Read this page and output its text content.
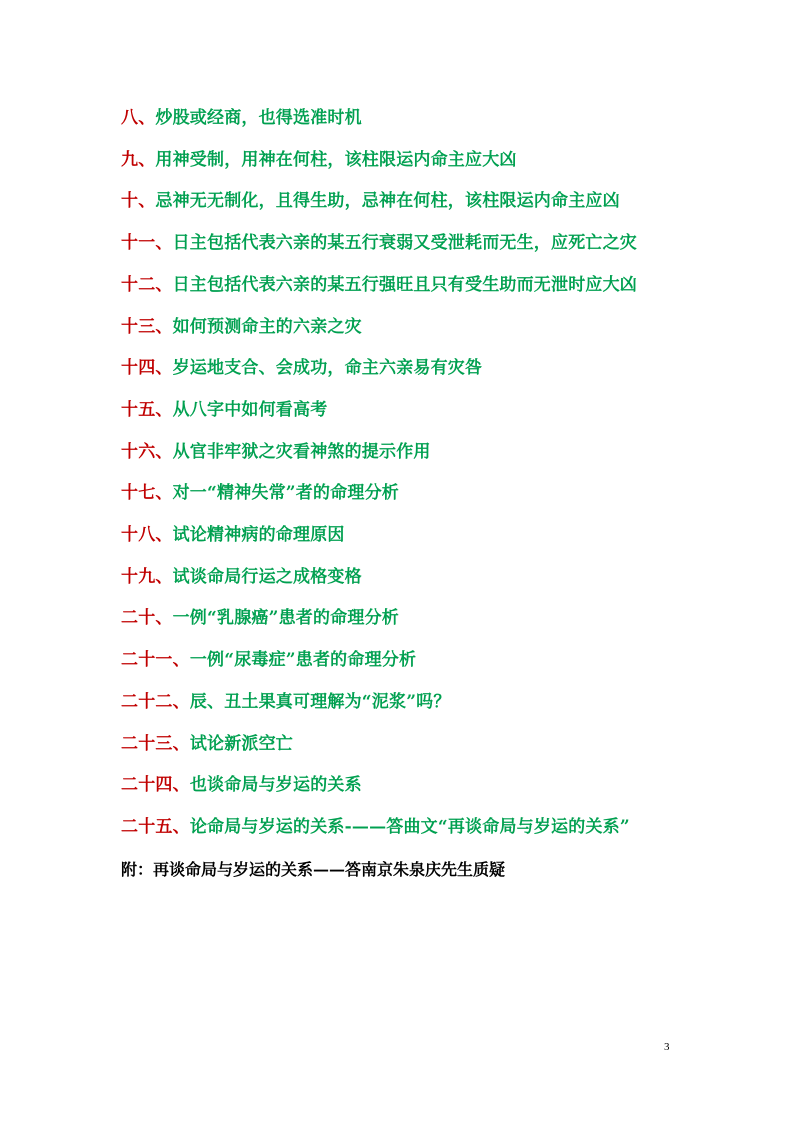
八、炒股或经商，也得选准时机
九、用神受制，用神在何柱，该柱限运内命主应大凶
十、忌神无无制化，且得生助，忌神在何柱，该柱限运内命主应凶
十一、日主包括代表六亲的某五行衰弱又受泄耗而无生，应死亡之灾
十二、日主包括代表六亲的某五行强旺且只有受生助而无泄时应大凶
十三、如何预测命主的六亲之灾
十四、岁运地支合、会成功，命主六亲易有灾咎
十五、从八字中如何看高考
十六、从官非牢狱之灾看神煞的提示作用
十七、对一“精神失常”者的命理分析
十八、试论精神病的命理原因
十九、试谈命局行运之成格变格
二十、一例“乳腺癌”患者的命理分析
二十一、一例“尿毒症”患者的命理分析
二十二、辰、丑土果真可理解为“泥浆”吗？
二十三、试论新派空亡
二十四、也谈命局与岁运的关系
二十五、论命局与岁运的关系-——答曲文“再谈命局与岁运的关系”
附：再谈命局与岁运的关系——答南京朱泉庆先生质疑
3
